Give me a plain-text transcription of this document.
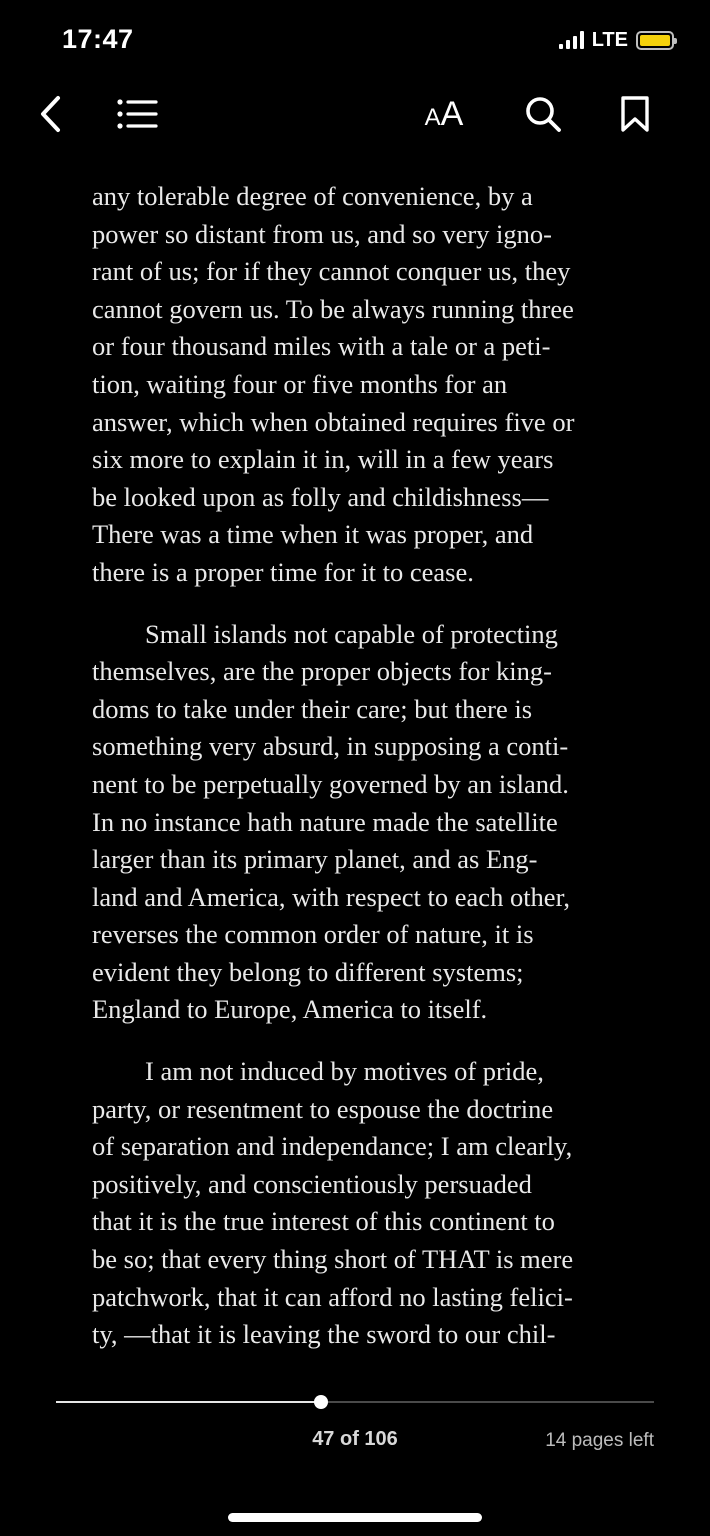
17:47	LTE
AA

any tolerable degree of convenience, by a
power so distant from us, and so very igno-
rant of us; for if they cannot conquer us, they
cannot govern us. To be always running three
or four thousand miles with a tale or a peti-
tion, waiting four or five months for an
answer, which when obtained requires five or
six more to explain it in, will in a few years
be looked upon as folly and childishness—
There was a time when it was proper, and
there is a proper time for it to cease.

Small islands not capable of protecting
themselves, are the proper objects for king-
doms to take under their care; but there is
something very absurd, in supposing a conti-
nent to be perpetually governed by an island.
In no instance hath nature made the satellite
larger than its primary planet, and as Eng-
land and America, with respect to each other,
reverses the common order of nature, it is
evident they belong to different systems;
England to Europe, America to itself.

I am not induced by motives of pride,
party, or resentment to espouse the doctrine
of separation and independance; I am clearly,
positively, and conscientiously persuaded
that it is the true interest of this continent to
be so; that every thing short of THAT is mere
patchwork, that it can afford no lasting felici-
ty, —that it is leaving the sword to our chil-

47 of 106	14 pages left
